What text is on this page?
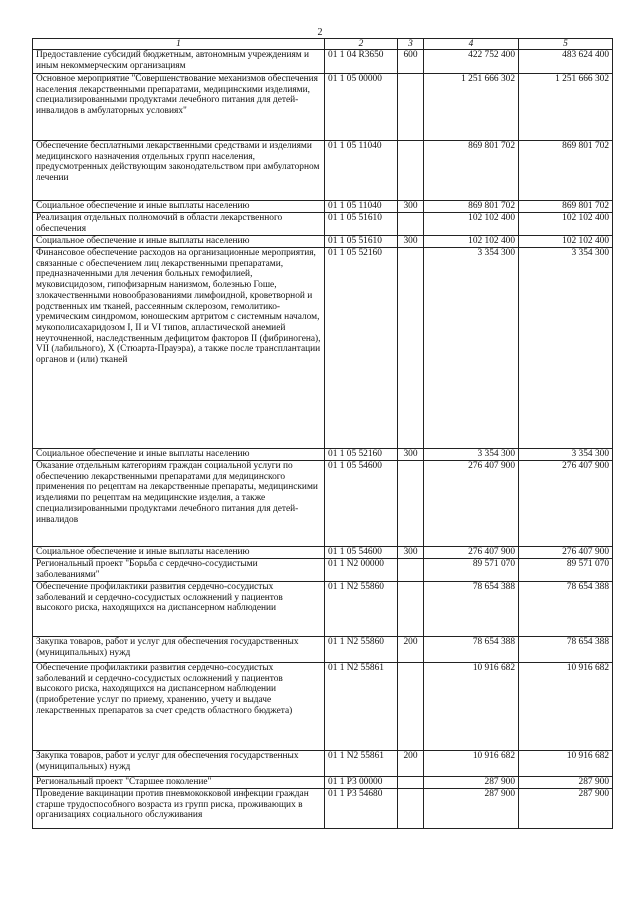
2
1	2	3	4	5
Предоставление субсидий бюджетным, автономным учреждениям и иным некоммерческим организациям	01 1 04 R3650	600	422 752 400	483 624 400
Основное мероприятие "Совершенствование механизмов обеспечения населения лекарственными препаратами, медицинскими изделиями, специализированными продуктами лечебного питания для детей-инвалидов в амбулаторных условиях"	01 1 05 00000		1 251 666 302	1 251 666 302
Обеспечение бесплатными лекарственными средствами и изделиями медицинского назначения отдельных групп населения, предусмотренных действующим законодательством при амбулаторном лечении	01 1 05 11040		869 801 702	869 801 702
Социальное обеспечение и иные выплаты населению	01 1 05 11040	300	869 801 702	869 801 702
Реализация отдельных полномочий в области лекарственного обеспечения	01 1 05 51610		102 102 400	102 102 400
Социальное обеспечение и иные выплаты населению	01 1 05 51610	300	102 102 400	102 102 400
Финансовое обеспечение расходов на организационные мероприятия, связанные с обеспечением лиц лекарственными препаратами, предназначенными для лечения больных гемофилией, муковисцидозом, гипофизарным нанизмом, болезнью Гоше, злокачественными новообразованиями лимфоидной, кроветворной и родственных им тканей, рассеянным склерозом, гемолитико-уремическим синдромом, юношеским артритом с системным началом, мукополисахаридозом I, II и VI типов, апластической анемией неуточненной, наследственным дефицитом факторов II (фибриногена), VII (лабильного), X (Стюарта-Прауэра), а также после трансплантации органов и (или) тканей	01 1 05 52160		3 354 300	3 354 300
Социальное обеспечение и иные выплаты населению	01 1 05 52160	300	3 354 300	3 354 300
Оказание отдельным категориям граждан социальной услуги по обеспечению лекарственными препаратами для медицинского применения по рецептам на лекарственные препараты, медицинскими изделиями по рецептам на медицинские изделия, а также специализированными продуктами лечебного питания для детей-инвалидов	01 1 05 54600		276 407 900	276 407 900
Социальное обеспечение и иные выплаты населению	01 1 05 54600	300	276 407 900	276 407 900
Региональный проект "Борьба с сердечно-сосудистыми заболеваниями"	01 1 N2 00000		89 571 070	89 571 070
Обеспечение профилактики развития сердечно-сосудистых заболеваний и сердечно-сосудистых осложнений у пациентов высокого риска, находящихся на диспансерном наблюдении	01 1 N2 55860		78 654 388	78 654 388
Закупка товаров, работ и услуг для обеспечения государственных (муниципальных) нужд	01 1 N2 55860	200	78 654 388	78 654 388
Обеспечение профилактики развития сердечно-сосудистых заболеваний и сердечно-сосудистых осложнений у пациентов высокого риска, находящихся на диспансерном наблюдении (приобретение услуг по приему, хранению, учету и выдаче лекарственных препаратов за счет средств областного бюджета)	01 1 N2 55861		10 916 682	10 916 682
Закупка товаров, работ и услуг для обеспечения государственных (муниципальных) нужд	01 1 N2 55861	200	10 916 682	10 916 682
Региональный проект "Старшее поколение"	01 1 P3 00000		287 900	287 900
Проведение вакцинации против пневмококковой инфекции граждан старше трудоспособного возраста из групп риска, проживающих в организациях социального обслуживания	01 1 P3 54680		287 900	287 900
